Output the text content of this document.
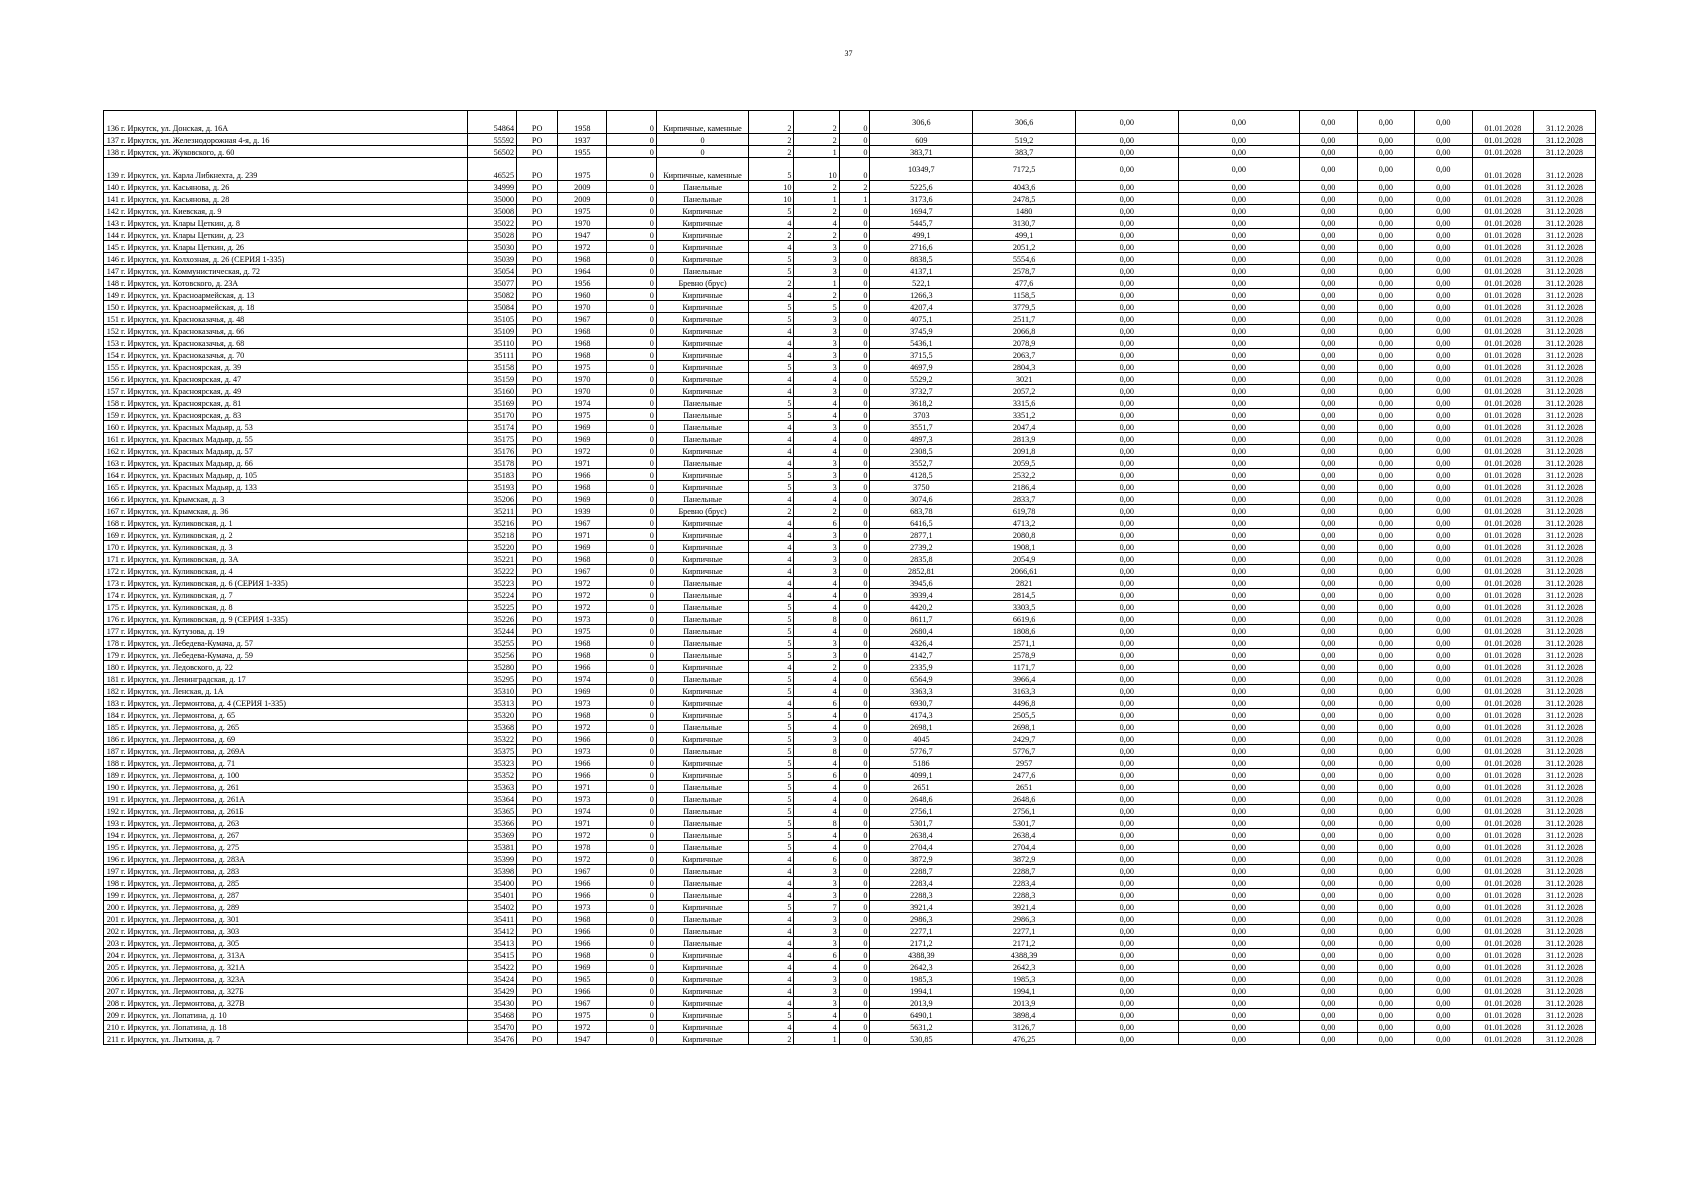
37
136 г. Иркутск, ул. Донская, д. 16А	54864	РО	1958	0	Кирпичные, каменные	2	2	0	306,6	306,6	0,00	0,00	0,00	0,00	0,00	01.01.2028	31.12.2028
137 г. Иркутск, ул. Железнодорожная 4-я, д. 16	55592	РО	1937	0	0	2	2	0	609	519,2	0,00	0,00	0,00	0,00	0,00	01.01.2028	31.12.2028
138 г. Иркутск, ул. Жуковского, д. 60	56502	РО	1955	0	0	2	1	0	383,71	383,7	0,00	0,00	0,00	0,00	0,00	01.01.2028	31.12.2028
139 г. Иркутск, ул. Карла Либкнехта, д. 239	46525	РО	1975	0	Кирпичные, каменные	5	10	0	10349,7	7172,5	0,00	0,00	0,00	0,00	0,00	01.01.2028	31.12.2028
140 г. Иркутск, ул. Касьянова, д. 26	34999	РО	2009	0	Панельные	10	2	2	5225,6	4043,6	0,00	0,00	0,00	0,00	0,00	01.01.2028	31.12.2028
141 г. Иркутск, ул. Касьянова, д. 28	35000	РО	2009	0	Панельные	10	1	1	3173,6	2478,5	0,00	0,00	0,00	0,00	0,00	01.01.2028	31.12.2028
142 г. Иркутск, ул. Киевская, д. 9	35008	РО	1975	0	Кирпичные	5	2	0	1694,7	1480	0,00	0,00	0,00	0,00	0,00	01.01.2028	31.12.2028
143 г. Иркутск, ул. Клары Цеткин, д. 8	35022	РО	1970	0	Кирпичные	4	4	0	5445,7	3130,7	0,00	0,00	0,00	0,00	0,00	01.01.2028	31.12.2028
144 г. Иркутск, ул. Клары Цеткин, д. 23	35028	РО	1947	0	Кирпичные	2	2	0	499,1	499,1	0,00	0,00	0,00	0,00	0,00	01.01.2028	31.12.2028
145 г. Иркутск, ул. Клары Цеткин, д. 26	35030	РО	1972	0	Кирпичные	4	3	0	2716,6	2051,2	0,00	0,00	0,00	0,00	0,00	01.01.2028	31.12.2028
146 г. Иркутск, ул. Колхозная, д. 26 (СЕРИЯ 1-335)	35039	РО	1968	0	Кирпичные	5	3	0	8838,5	5554,6	0,00	0,00	0,00	0,00	0,00	01.01.2028	31.12.2028
147 г. Иркутск, ул. Коммунистическая, д. 72	35054	РО	1964	0	Панельные	5	3	0	4137,1	2578,7	0,00	0,00	0,00	0,00	0,00	01.01.2028	31.12.2028
148 г. Иркутск, ул. Котовского, д. 23А	35077	РО	1956	0	Бревно (брус)	2	1	0	522,1	477,6	0,00	0,00	0,00	0,00	0,00	01.01.2028	31.12.2028
149 г. Иркутск, ул. Красноармейская, д. 13	35082	РО	1960	0	Кирпичные	4	2	0	1266,3	1158,5	0,00	0,00	0,00	0,00	0,00	01.01.2028	31.12.2028
150 г. Иркутск, ул. Красноармейская, д. 18	35084	РО	1970	0	Кирпичные	5	5	0	4207,4	3779,5	0,00	0,00	0,00	0,00	0,00	01.01.2028	31.12.2028
151 г. Иркутск, ул. Красноказачья, д. 48	35105	РО	1967	0	Кирпичные	5	3	0	4075,1	2511,7	0,00	0,00	0,00	0,00	0,00	01.01.2028	31.12.2028
152 г. Иркутск, ул. Красноказачья, д. 66	35109	РО	1968	0	Кирпичные	4	3	0	3745,9	2066,8	0,00	0,00	0,00	0,00	0,00	01.01.2028	31.12.2028
153 г. Иркутск, ул. Красноказачья, д. 68	35110	РО	1968	0	Кирпичные	4	3	0	5436,1	2078,9	0,00	0,00	0,00	0,00	0,00	01.01.2028	31.12.2028
154 г. Иркутск, ул. Красноказачья, д. 70	35111	РО	1968	0	Кирпичные	4	3	0	3715,5	2063,7	0,00	0,00	0,00	0,00	0,00	01.01.2028	31.12.2028
155 г. Иркутск, ул. Красноярская, д. 39	35158	РО	1975	0	Кирпичные	5	3	0	4697,9	2804,3	0,00	0,00	0,00	0,00	0,00	01.01.2028	31.12.2028
156 г. Иркутск, ул. Красноярская, д. 47	35159	РО	1970	0	Кирпичные	4	4	0	5529,2	3021	0,00	0,00	0,00	0,00	0,00	01.01.2028	31.12.2028
157 г. Иркутск, ул. Красноярская, д. 49	35160	РО	1970	0	Кирпичные	4	3	0	3732,7	2057,2	0,00	0,00	0,00	0,00	0,00	01.01.2028	31.12.2028
158 г. Иркутск, ул. Красноярская, д. 81	35169	РО	1974	0	Панельные	5	4	0	3618,2	3315,6	0,00	0,00	0,00	0,00	0,00	01.01.2028	31.12.2028
159 г. Иркутск, ул. Красноярская, д. 83	35170	РО	1975	0	Панельные	5	4	0	3703	3351,2	0,00	0,00	0,00	0,00	0,00	01.01.2028	31.12.2028
160 г. Иркутск, ул. Красных Мадьяр, д. 53	35174	РО	1969	0	Панельные	4	3	0	3551,7	2047,4	0,00	0,00	0,00	0,00	0,00	01.01.2028	31.12.2028
161 г. Иркутск, ул. Красных Мадьяр, д. 55	35175	РО	1969	0	Панельные	4	4	0	4897,3	2813,9	0,00	0,00	0,00	0,00	0,00	01.01.2028	31.12.2028
162 г. Иркутск, ул. Красных Мадьяр, д. 57	35176	РО	1972	0	Кирпичные	4	4	0	2308,5	2091,8	0,00	0,00	0,00	0,00	0,00	01.01.2028	31.12.2028
163 г. Иркутск, ул. Красных Мадьяр, д. 66	35178	РО	1971	0	Панельные	4	3	0	3552,7	2059,5	0,00	0,00	0,00	0,00	0,00	01.01.2028	31.12.2028
164 г. Иркутск, ул. Красных Мадьяр, д. 105	35183	РО	1966	0	Кирпичные	5	3	0	4128,5	2532,2	0,00	0,00	0,00	0,00	0,00	01.01.2028	31.12.2028
165 г. Иркутск, ул. Красных Мадьяр, д. 133	35193	РО	1968	0	Кирпичные	5	3	0	3750	2186,4	0,00	0,00	0,00	0,00	0,00	01.01.2028	31.12.2028
166 г. Иркутск, ул. Крымская, д. 3	35206	РО	1969	0	Панельные	4	4	0	3074,6	2833,7	0,00	0,00	0,00	0,00	0,00	01.01.2028	31.12.2028
167 г. Иркутск, ул. Крымская, д. 36	35211	РО	1939	0	Бревно (брус)	2	2	0	683,78	619,78	0,00	0,00	0,00	0,00	0,00	01.01.2028	31.12.2028
168 г. Иркутск, ул. Куликовская, д. 1	35216	РО	1967	0	Кирпичные	4	6	0	6416,5	4713,2	0,00	0,00	0,00	0,00	0,00	01.01.2028	31.12.2028
169 г. Иркутск, ул. Куликовская, д. 2	35218	РО	1971	0	Кирпичные	4	3	0	2877,1	2080,8	0,00	0,00	0,00	0,00	0,00	01.01.2028	31.12.2028
170 г. Иркутск, ул. Куликовская, д. 3	35220	РО	1969	0	Кирпичные	4	3	0	2739,2	1908,1	0,00	0,00	0,00	0,00	0,00	01.01.2028	31.12.2028
171 г. Иркутск, ул. Куликовская, д. 3А	35221	РО	1968	0	Кирпичные	4	3	0	2835,8	2054,9	0,00	0,00	0,00	0,00	0,00	01.01.2028	31.12.2028
172 г. Иркутск, ул. Куликовская, д. 4	35222	РО	1967	0	Кирпичные	4	3	0	2852,81	2066,61	0,00	0,00	0,00	0,00	0,00	01.01.2028	31.12.2028
173 г. Иркутск, ул. Куликовская, д. 6 (СЕРИЯ 1-335)	35223	РО	1972	0	Панельные	4	4	0	3945,6	2821	0,00	0,00	0,00	0,00	0,00	01.01.2028	31.12.2028
174 г. Иркутск, ул. Куликовская, д. 7	35224	РО	1972	0	Панельные	4	4	0	3939,4	2814,5	0,00	0,00	0,00	0,00	0,00	01.01.2028	31.12.2028
175 г. Иркутск, ул. Куликовская, д. 8	35225	РО	1972	0	Панельные	5	4	0	4420,2	3303,5	0,00	0,00	0,00	0,00	0,00	01.01.2028	31.12.2028
176 г. Иркутск, ул. Куликовская, д. 9 (СЕРИЯ 1-335)	35226	РО	1973	0	Панельные	5	8	0	8611,7	6619,6	0,00	0,00	0,00	0,00	0,00	01.01.2028	31.12.2028
177 г. Иркутск, ул. Кутузова, д. 19	35244	РО	1975	0	Панельные	5	4	0	2680,4	1808,6	0,00	0,00	0,00	0,00	0,00	01.01.2028	31.12.2028
178 г. Иркутск, ул. Лебедева-Кумача, д. 57	35255	РО	1968	0	Панельные	5	3	0	4326,4	2571,1	0,00	0,00	0,00	0,00	0,00	01.01.2028	31.12.2028
179 г. Иркутск, ул. Лебедева-Кумача, д. 59	35256	РО	1968	0	Панельные	5	3	0	4142,7	2578,9	0,00	0,00	0,00	0,00	0,00	01.01.2028	31.12.2028
180 г. Иркутск, ул. Ледовского, д. 22	35280	РО	1966	0	Кирпичные	4	2	0	2335,9	1171,7	0,00	0,00	0,00	0,00	0,00	01.01.2028	31.12.2028
181 г. Иркутск, ул. Ленинградская, д. 17	35295	РО	1974	0	Панельные	5	4	0	6564,9	3966,4	0,00	0,00	0,00	0,00	0,00	01.01.2028	31.12.2028
182 г. Иркутск, ул. Ленская, д. 1А	35310	РО	1969	0	Кирпичные	5	4	0	3363,3	3163,3	0,00	0,00	0,00	0,00	0,00	01.01.2028	31.12.2028
183 г. Иркутск, ул. Лермонтова, д. 4 (СЕРИЯ 1-335)	35313	РО	1973	0	Кирпичные	4	6	0	6930,7	4496,8	0,00	0,00	0,00	0,00	0,00	01.01.2028	31.12.2028
184 г. Иркутск, ул. Лермонтова, д. 65	35320	РО	1968	0	Кирпичные	5	4	0	4174,3	2505,5	0,00	0,00	0,00	0,00	0,00	01.01.2028	31.12.2028
185 г. Иркутск, ул. Лермонтова, д. 265	35368	РО	1972	0	Панельные	5	4	0	2698,1	2698,1	0,00	0,00	0,00	0,00	0,00	01.01.2028	31.12.2028
186 г. Иркутск, ул. Лермонтова, д. 69	35322	РО	1966	0	Кирпичные	5	3	0	4045	2429,7	0,00	0,00	0,00	0,00	0,00	01.01.2028	31.12.2028
187 г. Иркутск, ул. Лермонтова, д. 269А	35375	РО	1973	0	Панельные	5	8	0	5776,7	5776,7	0,00	0,00	0,00	0,00	0,00	01.01.2028	31.12.2028
188 г. Иркутск, ул. Лермонтова, д. 71	35323	РО	1966	0	Кирпичные	5	4	0	5186	2957	0,00	0,00	0,00	0,00	0,00	01.01.2028	31.12.2028
189 г. Иркутск, ул. Лермонтова, д. 100	35352	РО	1966	0	Кирпичные	5	6	0	4099,1	2477,6	0,00	0,00	0,00	0,00	0,00	01.01.2028	31.12.2028
190 г. Иркутск, ул. Лермонтова, д. 261	35363	РО	1971	0	Панельные	5	4	0	2651	2651	0,00	0,00	0,00	0,00	0,00	01.01.2028	31.12.2028
191 г. Иркутск, ул. Лермонтова, д. 261А	35364	РО	1973	0	Панельные	5	4	0	2648,6	2648,6	0,00	0,00	0,00	0,00	0,00	01.01.2028	31.12.2028
192 г. Иркутск, ул. Лермонтова, д. 261Б	35365	РО	1974	0	Панельные	5	4	0	2756,1	2756,1	0,00	0,00	0,00	0,00	0,00	01.01.2028	31.12.2028
193 г. Иркутск, ул. Лермонтова, д. 263	35366	РО	1971	0	Панельные	5	8	0	5301,7	5301,7	0,00	0,00	0,00	0,00	0,00	01.01.2028	31.12.2028
194 г. Иркутск, ул. Лермонтова, д. 267	35369	РО	1972	0	Панельные	5	4	0	2638,4	2638,4	0,00	0,00	0,00	0,00	0,00	01.01.2028	31.12.2028
195 г. Иркутск, ул. Лермонтова, д. 275	35381	РО	1978	0	Панельные	5	4	0	2704,4	2704,4	0,00	0,00	0,00	0,00	0,00	01.01.2028	31.12.2028
196 г. Иркутск, ул. Лермонтова, д. 283А	35399	РО	1972	0	Кирпичные	4	6	0	3872,9	3872,9	0,00	0,00	0,00	0,00	0,00	01.01.2028	31.12.2028
197 г. Иркутск, ул. Лермонтова, д. 283	35398	РО	1967	0	Панельные	4	3	0	2288,7	2288,7	0,00	0,00	0,00	0,00	0,00	01.01.2028	31.12.2028
198 г. Иркутск, ул. Лермонтова, д. 285	35400	РО	1966	0	Панельные	4	3	0	2283,4	2283,4	0,00	0,00	0,00	0,00	0,00	01.01.2028	31.12.2028
199 г. Иркутск, ул. Лермонтова, д. 287	35401	РО	1966	0	Панельные	4	3	0	2288,3	2288,3	0,00	0,00	0,00	0,00	0,00	01.01.2028	31.12.2028
200 г. Иркутск, ул. Лермонтова, д. 289	35402	РО	1973	0	Кирпичные	5	7	0	3921,4	3921,4	0,00	0,00	0,00	0,00	0,00	01.01.2028	31.12.2028
201 г. Иркутск, ул. Лермонтова, д. 301	35411	РО	1968	0	Панельные	4	3	0	2986,3	2986,3	0,00	0,00	0,00	0,00	0,00	01.01.2028	31.12.2028
202 г. Иркутск, ул. Лермонтова, д. 303	35412	РО	1966	0	Панельные	4	3	0	2277,1	2277,1	0,00	0,00	0,00	0,00	0,00	01.01.2028	31.12.2028
203 г. Иркутск, ул. Лермонтова, д. 305	35413	РО	1966	0	Панельные	4	3	0	2171,2	2171,2	0,00	0,00	0,00	0,00	0,00	01.01.2028	31.12.2028
204 г. Иркутск, ул. Лермонтова, д. 313А	35415	РО	1968	0	Кирпичные	4	6	0	4388,39	4388,39	0,00	0,00	0,00	0,00	0,00	01.01.2028	31.12.2028
205 г. Иркутск, ул. Лермонтова, д. 321А	35422	РО	1969	0	Кирпичные	4	4	0	2642,3	2642,3	0,00	0,00	0,00	0,00	0,00	01.01.2028	31.12.2028
206 г. Иркутск, ул. Лермонтова, д. 323А	35424	РО	1965	0	Кирпичные	4	3	0	1985,3	1985,3	0,00	0,00	0,00	0,00	0,00	01.01.2028	31.12.2028
207 г. Иркутск, ул. Лермонтова, д. 327Б	35429	РО	1966	0	Кирпичные	4	3	0	1994,1	1994,1	0,00	0,00	0,00	0,00	0,00	01.01.2028	31.12.2028
208 г. Иркутск, ул. Лермонтова, д. 327В	35430	РО	1967	0	Кирпичные	4	3	0	2013,9	2013,9	0,00	0,00	0,00	0,00	0,00	01.01.2028	31.12.2028
209 г. Иркутск, ул. Лопатина, д. 10	35468	РО	1975	0	Кирпичные	5	4	0	6490,1	3898,4	0,00	0,00	0,00	0,00	0,00	01.01.2028	31.12.2028
210 г. Иркутск, ул. Лопатина, д. 18	35470	РО	1972	0	Кирпичные	4	4	0	5631,2	3126,7	0,00	0,00	0,00	0,00	0,00	01.01.2028	31.12.2028
211 г. Иркутск, ул. Лыткина, д. 7	35476	РО	1947	0	Кирпичные	2	1	0	530,85	476,25	0,00	0,00	0,00	0,00	0,00	01.01.2028	31.12.2028
